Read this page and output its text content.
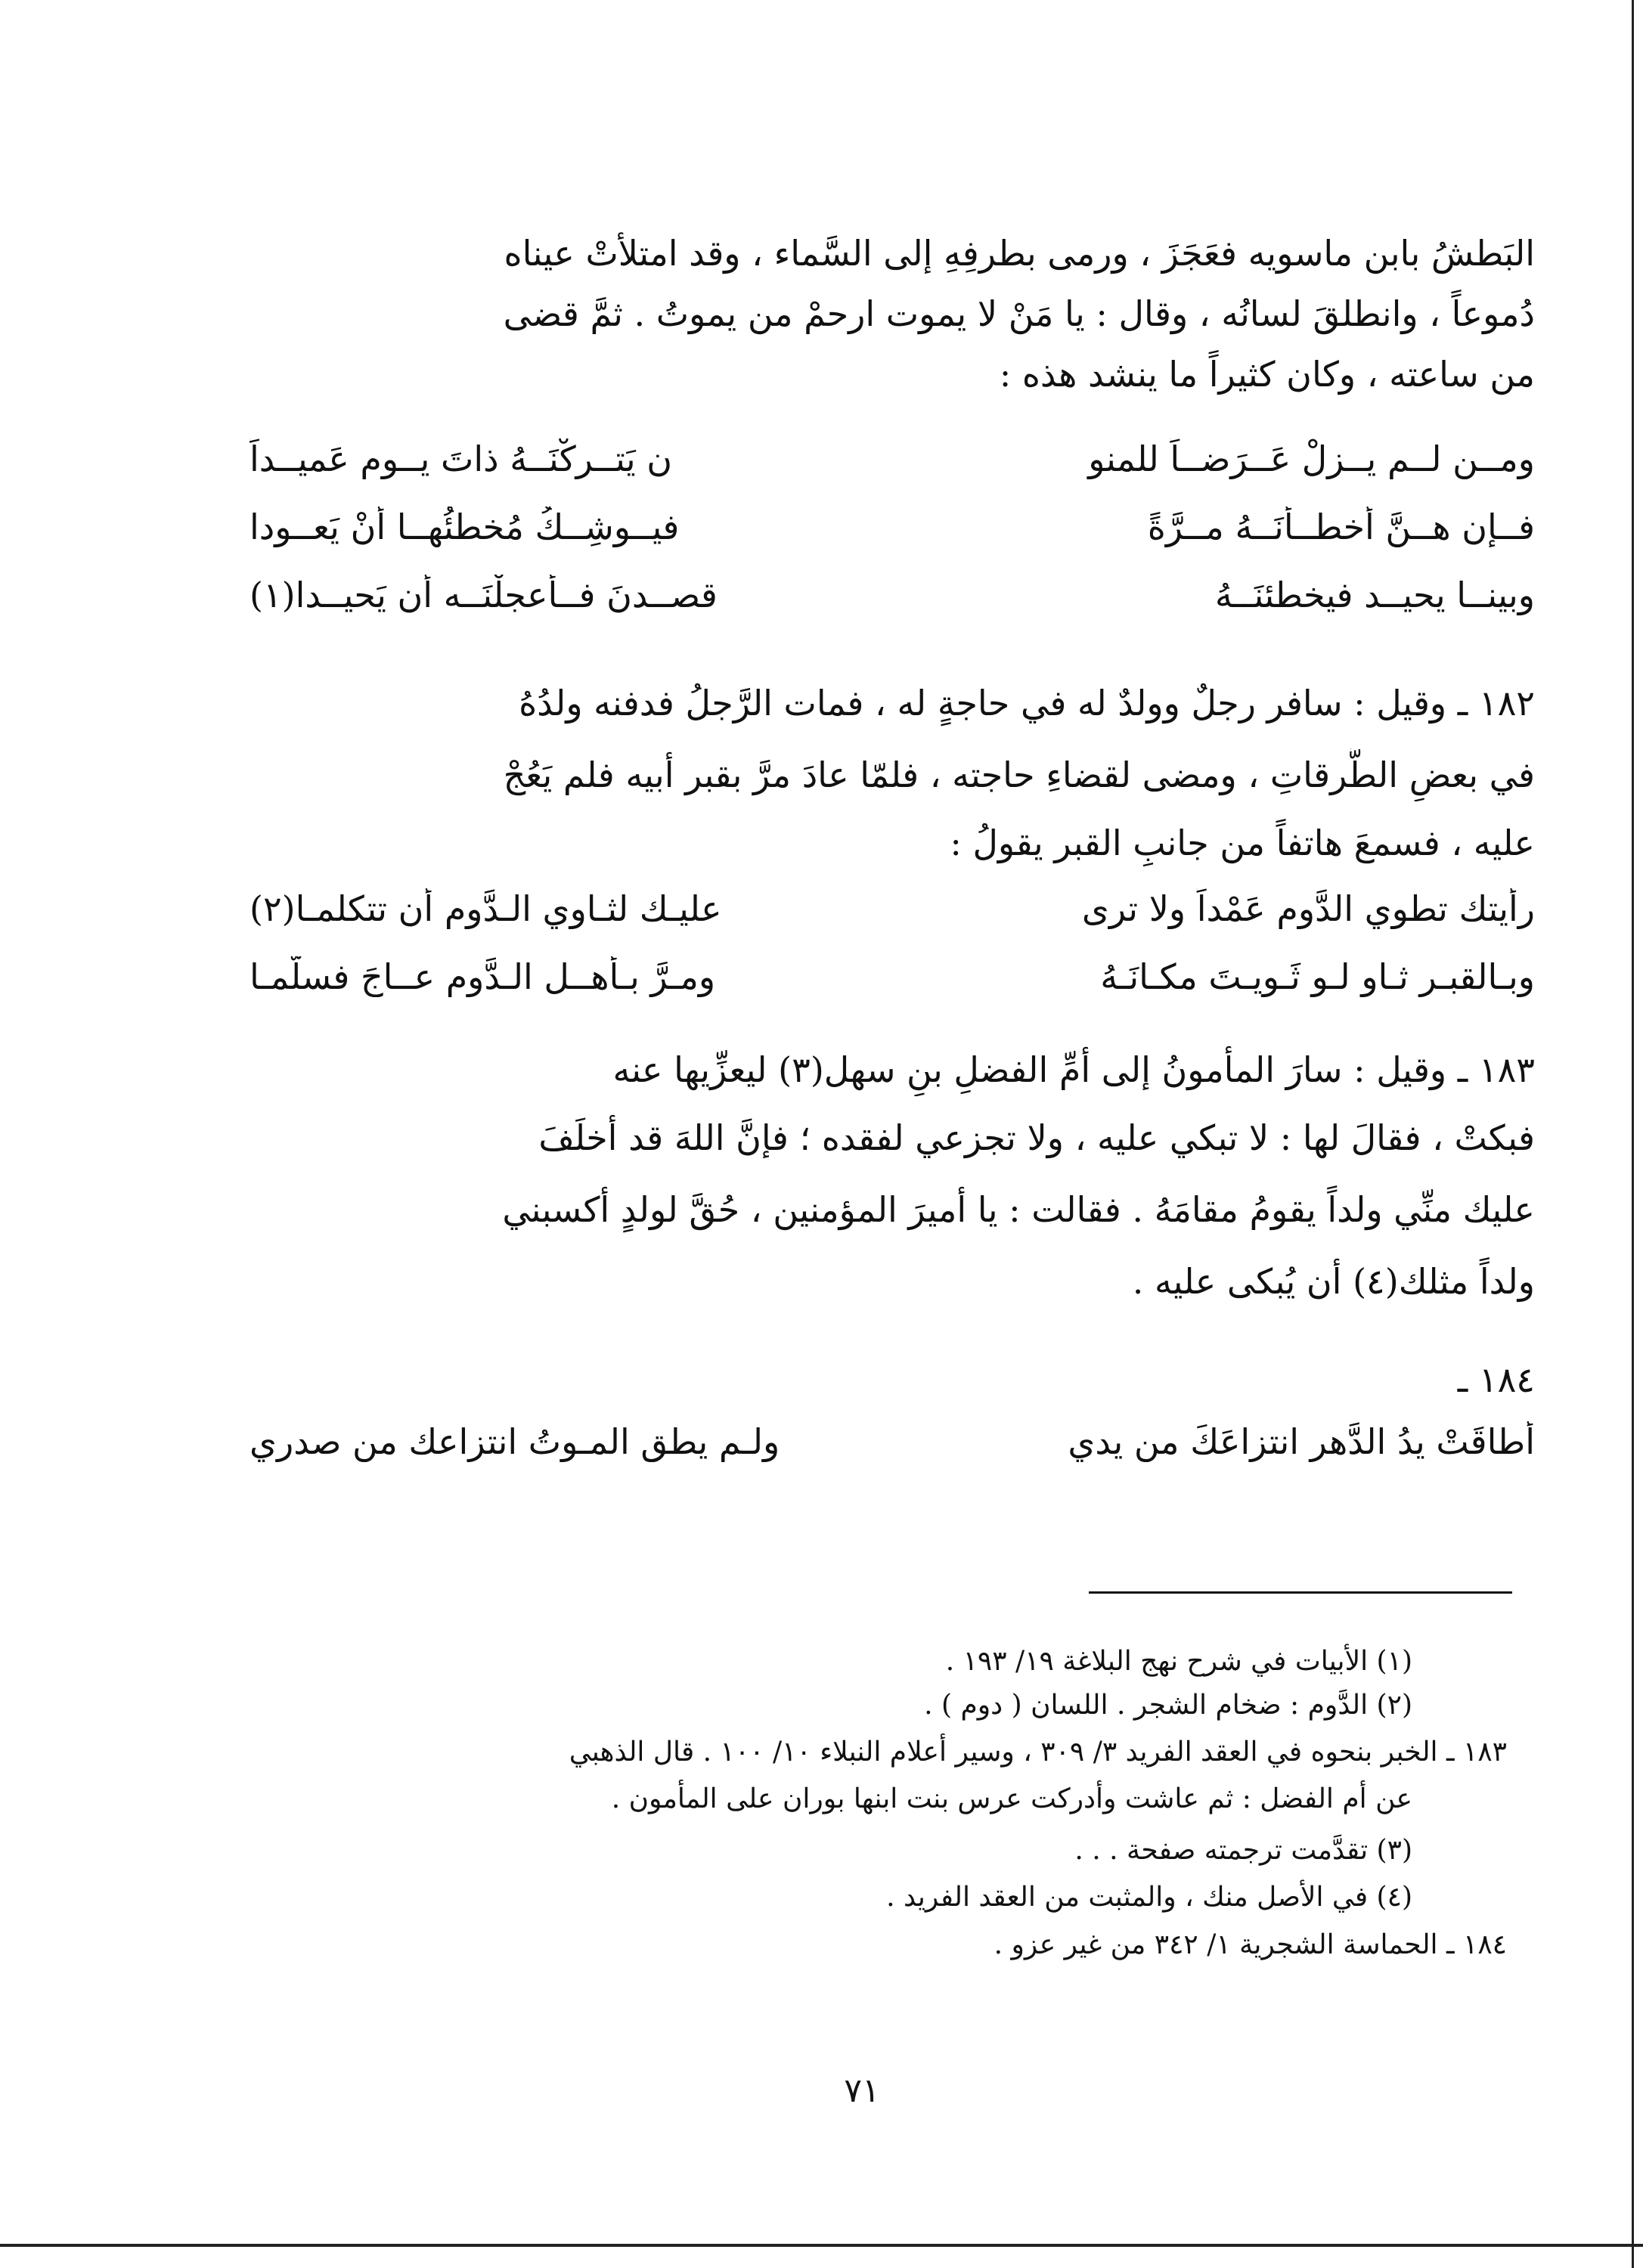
البَطشُ بابن ماسويه فعَجَزَ ، ورمى بطرفِهِ إلى السَّماء ، وقد امتلأتْ عيناه
دُموعاً ، وانطلقَ لسانُه ، وقال : يا مَنْ لا يموت ارحمْ من يموتُ . ثمَّ قضى
من ساعته ، وكان كثيراً ما ينشد هذه :
ومــن لــم يــزلْ عَــرَضــاً للمنو
نِ يَتــركْنَــهُ ذاتَ يــوم عَميــداً
فــإن هــنَّ أخطــأْنَــهُ مــرَّةً
فيــوشِــكُ مُخطئُهــا أنْ يَعــودا
وبينــا يحيــد فيخطئنَــهُ
قصــدنَ فــأعجلْنَــه أن يَحيــدا(١)
١٨٢ ـ وقيل : سافر رجلٌ وولدٌ له في حاجةٍ له ، فمات الرَّجلُ فدفنه ولدُهُ
في بعضِ الطُّرقاتِ ، ومضى لقضاءِ حاجته ، فلمّا عادَ مرَّ بقبر أبيه فلم يَعُجْ
عليه ، فسمعَ هاتفاً من جانبِ القبر يقولُ :
رأيتك تطوي الدَّوم عَمْداً ولا ترى
عليـك لثـاوي الـدَّومِ أن تتكلمـا(٢)
وبـالقبـر ثـاوٍ لـو ثَـويـتَ مكـانَـهُ
ومـرَّ بـأهــلِ الـدَّوم عــاجَ فسلَّمـا
١٨٣ ـ وقيل : سارَ المأمونُ إلى أمِّ الفضلِ بنِ سهل(٣) ليعزِّيها عنه
فبكتْ ، فقالَ لها : لا تبكي عليه ، ولا تجزعي لفقده ؛ فإنَّ اللهَ قد أخلَفَ
عليك منِّي ولداً يقومُ مقامَهُ . فقالت : يا أميرَ المؤمنين ، حُقَّ لولدٍ أكسبني
ولداً مثلك(٤) أن يُبكى عليه .
١٨٤ ـ
أطاقَتْ يدُ الدَّهرِ انتزاعَكَ من يدي
ولـم يطقِ المـوتُ انتزاعك من صدري
(١) الأبيات في شرح نهج البلاغة ١٩/ ١٩٣ .
(٢) الدَّوم : ضخام الشجر . اللسان ( دوم ) .
١٨٣ ـ الخبر بنحوه في العقد الفريد ٣/ ٣٠٩ ، وسير أعلام النبلاء ١٠/ ١٠٠ . قال الذهبي
عن أم الفضل : ثم عاشت وأدركت عرس بنت ابنها بوران على المأمون .
(٣) تقدَّمت ترجمته صفحة . . .
(٤) في الأصل منك ، والمثبت من العقد الفريد .
١٨٤ ـ الحماسة الشجرية ١/ ٣٤٢ من غير عزو .
٧١
